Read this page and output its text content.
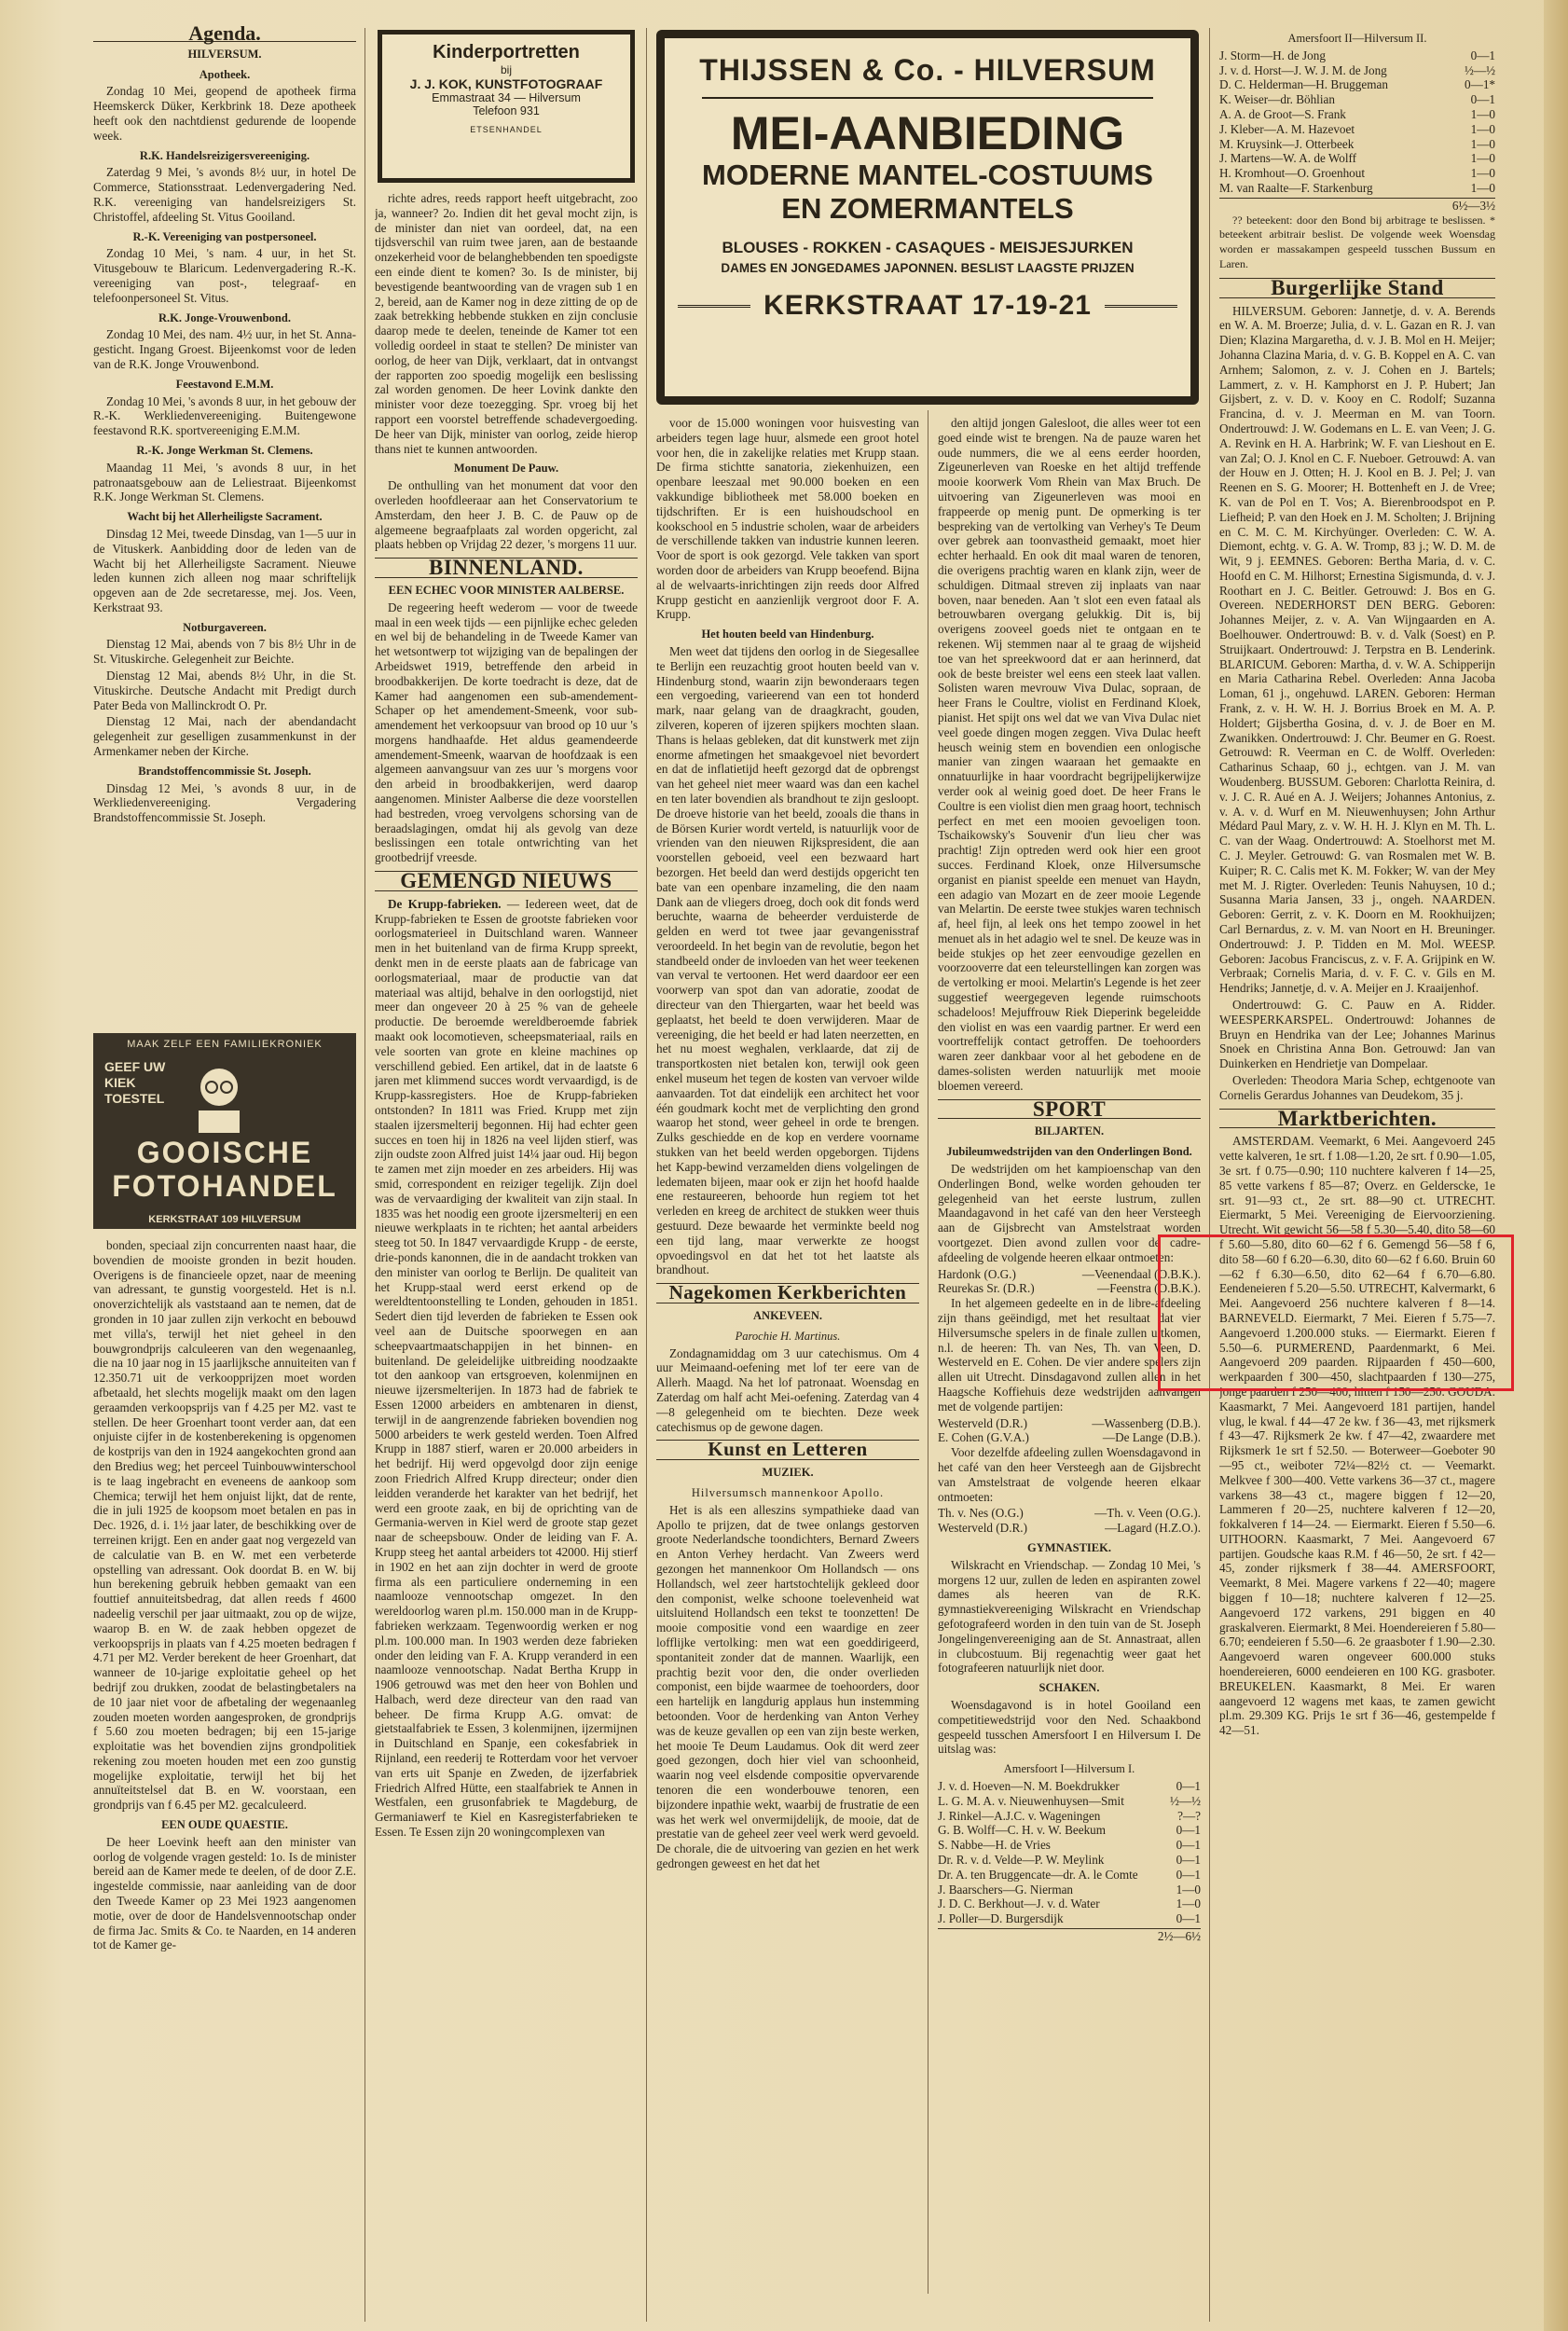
Agenda.
HILVERSUM.
Apotheek.

Zondag 10 Mei, geopend de apotheek firma Heemskerck Düker, Kerkbrink 18. Deze apotheek heeft ook den nachtdienst gedurende de loopende week.

R.K. Handelsreizigersvereeniging.

Zaterdag 9 Mei, 's avonds 8½ uur, in hotel De Commerce, Stationsstraat. Ledenvergadering Ned. R.K. vereeniging van handelsreizigers St. Christoffel, afdeeling St. Vitus Gooiland.

R.-K. Vereeniging van postpersoneel.

Zondag 10 Mei, 's nam. 4 uur, in het St. Vitusgebouw te Blaricum. Ledenvergadering R.-K. vereeniging van post-, telegraaf- en telefoonpersoneel St. Vitus.

R.K. Jonge-Vrouwenbond.

Zondag 10 Mei, des nam. 4½ uur, in het St. Anna-gesticht. Ingang Groest. Bijeenkomst voor de leden van de R.K. Jonge Vrouwenbond.

Feestavond E.M.M.

Zondag 10 Mei, 's avonds 8 uur, in het gebouw der R.-K. Werkliedenvereeniging. Buitengewone feestavond R.K. sportvereeniging E.M.M.

R.-K. Jonge Werkman St. Clemens.

Maandag 11 Mei, 's avonds 8 uur, in het patronaatsgebouw aan de Leliestraat. Bijeenkomst R.K. Jonge Werkman St. Clemens.

Wacht bij het Allerheiligste Sacrament.

Dinsdag 12 Mei, tweede Dinsdag, van 1—5 uur in de Vituskerk. Aanbidding door de leden van de Wacht bij het Allerheiligste Sacrament. Nieuwe leden kunnen zich alleen nog maar schriftelijk opgeven aan de 2de secretaresse, mej. Jos. Veen, Kerkstraat 93.

Notburgavereen.

Dienstag 12 Mai, abends von 7 bis 8½ Uhr in de St. Vituskirche. Gelegenheit zur Beichte.

Dienstag 12 Mai, abends 8½ Uhr, in die St. Vituskirche. Deutsche Andacht mit Predigt durch Pater Beda von Mallinckrodt O. Pr.

Dienstag 12 Mai, nach der abendandacht gelegenheit zur geselligen zusammenkunst in der Armenkamer neben der Kirche.

Brandstoffencommissie St. Joseph.

Dinsdag 12 Mei, 's avonds 8 uur, in de Werkliedenvereeniging. Vergadering Brandstoffencommissie St. Joseph.

MAAK ZELF EEN FAMILIEKRONIEK
GEEF UW KIEK TOESTEL
GOOISCHE
FOTOHANDEL
KERKSTRAAT 109 HILVERSUM

bonden, speciaal zijn concurrenten naast haar, die bovendien de mooiste gronden in bezit houden. Overigens is de financieele opzet, naar de meening van adressant, te gunstig voorgesteld. Het is n.l. onoverzichtelijk als vaststaand aan te nemen, dat de gronden in 10 jaar zullen zijn verkocht en bebouwd met villa's, terwijl het niet geheel in den bouwgrondprijs calculeeren van den wegenaanleg, die na 10 jaar nog in 15 jaarlijksche annuiteiten van f 12.350.71 uit de verkoopprijzen moet worden afbetaald, het slechts mogelijk maakt om den lagen geraamden verkoopsprijs van f 4.25 per M2. vast te stellen. De heer Groenhart toont verder aan, dat een onjuiste cijfer in de kostenberekening is opgenomen de kostprijs van den in 1924 aangekochten grond aan den Bredius weg; het perceel Tuinbouwwinterschool is te laag ingebracht en eveneens de aankoop som Chemica; terwijl het hem onjuist lijkt, dat de rente, die in juli 1925 de koopsom moet betalen en pas in Dec. 1926, d. i. 1½ jaar later, de beschikking over de terreinen krijgt. Een en ander gaat nog vergezeld van de calculatie van B. en W. met een verbeterde opstelling van adressant. Ook doordat B. en W. bij hun berekening gebruik hebben gemaakt van een fouttief annuiteitsbedrag, dat allen reeds f 4600 nadeelig verschil per jaar uitmaakt, zou op de wijze, waarop B. en W. de zaak hebben opgezet de verkoopsprijs in plaats van f 4.25 moeten bedragen f 4.71 per M2. Verder berekent de heer Groenhart, dat wanneer de 10-jarige exploitatie geheel op het bedrijf zou drukken, zoodat de belastingbetalers na de 10 jaar niet voor de afbetaling der wegenaanleg zouden moeten worden aangesproken, de grondprijs f 5.60 zou moeten bedragen; bij een 15-jarige exploitatie was het bovendien zijns grondpolitiek rekening zou moeten houden met een zoo gunstig mogelijke exploitatie, terwijl het bij het annuïteitstelsel dat B. en W. voorstaan, een grondprijs van f 6.45 per M2. gecalculeerd.

EEN OUDE QUAESTIE.

De heer Loevink heeft aan den minister van oorlog de volgende vragen gesteld: 1o. Is de minister bereid aan de Kamer mede te deelen, of de door Z.E. ingestelde commissie, naar aanleiding van de door den Tweede Kamer op 23 Mei 1923 aangenomen motie, over de door de Handelsvennootschap onder de firma Jac. Smits & Co. te Naarden, en 14 anderen tot de Kamer ge-

Kinderportretten
bij
J. J. KOK, KUNSTFOTOGRAAF
Emmastraat 34 — Hilversum
Telefoon 931
ETSENHANDEL

richte adres, reeds rapport heeft uitgebracht, zoo ja, wanneer? 2o. Indien dit het geval mocht zijn, is de minister dan niet van oordeel, dat, na een tijdsverschil van ruim twee jaren, aan de bestaande onzekerheid voor de belanghebbenden ten spoedigste een einde dient te komen? 3o. Is de minister, bij bevestigende beantwoording van de vragen sub 1 en 2, bereid, aan de Kamer nog in deze zitting de op de zaak betrekking hebbende stukken en zijn conclusie daarop mede te deelen, teneinde de Kamer tot een volledig oordeel in staat te stellen? De minister van oorlog, de heer van Dijk, verklaart, dat in ontvangst der rapporten zoo spoedig mogelijk een beslissing zal worden genomen. De heer Lovink dankte den minister voor deze toezegging. Spr. vroeg bij het rapport een voorstel betreffende schadevergoeding. De heer van Dijk, minister van oorlog, zeide hierop thans niet te kunnen antwoorden.

Monument De Pauw.

De onthulling van het monument dat voor den overleden hoofdleeraar aan het Conservatorium te Amsterdam, den heer J. B. C. de Pauw op de algemeene begraafplaats zal worden opgericht, zal plaats hebben op Vrijdag 22 dezer, 's morgens 11 uur.

BINNENLAND.
EEN ECHEC VOOR MINISTER AALBERSE.

De regeering heeft wederom — voor de tweede maal in een week tijds — een pijnlijke echec geleden en wel bij de behandeling in de Tweede Kamer van het wetsontwerp tot wijziging van de bepalingen der Arbeidswet 1919, betreffende den arbeid in broodbakkerijen. De korte toedracht is deze, dat de Kamer had aangenomen een sub-amendement-Schaper op het amendement-Smeenk, voor sub-amendement het verkoopsuur van brood op 10 uur 's morgens handhaafde. Het aldus geamendeerde amendement-Smeenk, waarvan de hoofdzaak is een algemeen aanvangsuur van zes uur 's morgens voor den arbeid in broodbakkerijen, werd daarop aangenomen. Minister Aalberse die deze voorstellen had bestreden, vroeg vervolgens schorsing van de beraadslagingen, omdat hij als gevolg van deze beslissingen een totale ontwrichting van het grootbedrijf vreesde.

GEMENGD NIEUWS

De Krupp-fabrieken. — Iedereen weet, dat de Krupp-fabrieken te Essen de grootste fabrieken voor oorlogsmaterieel in Duitschland waren. Wanneer men in het buitenland van de firma Krupp spreekt, denkt men in de eerste plaats aan de fabricage van oorlogsmateriaal, maar de productie van dat materiaal was altijd, behalve in den oorlogstijd, niet meer dan ongeveer 20 à 25 % van de geheele productie. De beroemde wereldberoemde fabriek maakt ook locomotieven, scheepsmateriaal, rails en vele soorten van grote en kleine machines op verschillend gebied. Een artikel, dat in de laatste 6 jaren met klimmend succes wordt vervaardigd, is de Krupp-kassregisters. Hoe de Krupp-fabrieken ontstonden? In 1811 was Fried. Krupp met zijn staalen ijzersmelterij begonnen. Hij had echter geen succes en toen hij in 1826 na veel lijden stierf, was zijn oudste zoon Alfred juist 14¼ jaar oud. Hij begon te zamen met zijn moeder en zes arbeiders. Hij was smid, correspondent en reiziger tegelijk. Zijn doel was de vervaardiging der kwaliteit van zijn staal. In 1835 was het noodig een groote ijzersmelterij en een nieuwe werkplaats in te richten; het aantal arbeiders steeg tot 50. In 1847 vervaardigde Krupp - de eerste, drie-ponds kanonnen, die in de aandacht trokken van den minister van oorlog te Berlijn. De qualiteit van het Krupp-staal werd eerst erkend op de wereldtentoonstelling te Londen, gehouden in 1851. Sedert dien tijd leverden de fabrieken te Essen ook veel aan de Duitsche spoorwegen en aan scheepvaartmaatschappijen in het binnen- en buitenland. De geleidelijke uitbreiding noodzaakte tot den aankoop van ertsgroeven, kolenmijnen en nieuwe ijzersmelterijen. In 1873 had de fabriek te Essen 12000 arbeiders en ambtenaren in dienst, terwijl in de aangrenzende fabrieken bovendien nog 5000 arbeiders te werk gesteld werden. Toen Alfred Krupp in 1887 stierf, waren er 20.000 arbeiders in het bedrijf. Hij werd opgevolgd door zijn eenige zoon Friedrich Alfred Krupp directeur; onder dien leidden veranderde het karakter van het bedrijf, het werd een groote zaak, en bij de oprichting van de Germania-werven in Kiel werd de groote stap gezet naar de scheepsbouw. Onder de leiding van F. A. Krupp steeg het aantal arbeiders tot 42000. Hij stierf in 1902 en het aan zijn dochter in werd de groote firma als een particuliere onderneming in een naamlooze vennootschap omgezet. In den wereldoorlog waren pl.m. 150.000 man in de Krupp-fabrieken werkzaam. Tegenwoordig werken er nog pl.m. 100.000 man. In 1903 werden deze fabrieken onder den leiding van F. A. Krupp veranderd in een naamlooze vennootschap. Nadat Bertha Krupp in 1906 getrouwd was met den heer von Bohlen und Halbach, werd deze directeur van den raad van beheer. De firma Krupp A.G. omvat: de gietstaalfabriek te Essen, 3 kolenmijnen, ijzermijnen in Duitschland en Spanje, een cokesfabriek in Rijnland, een reederij te Rotterdam voor het vervoer van erts uit Spanje en Zweden, de ijzerfabriek Friedrich Alfred Hütte, een staalfabriek te Annen in Westfalen, een grusonfabriek te Magdeburg, de Germaniawerf te Kiel en Kasregisterfabrieken te Essen. Te Essen zijn 20 woningcomplexen van

THIJSSEN & Co. - HILVERSUM
MEI-AANBIEDING
MODERNE MANTEL-COSTUUMS
EN ZOMERMANTELS
BLOUSES - ROKKEN - CASAQUES - MEISJESJURKEN
DAMES EN JONGEDAMES JAPONNEN. BESLIST LAAGSTE PRIJZEN
KERKSTRAAT 17-19-21

voor de 15.000 woningen voor huisvesting van arbeiders tegen lage huur, alsmede een groot hotel voor hen, die in zakelijke relaties met Krupp staan. De firma stichtte sanatoria, ziekenhuizen, een openbare leeszaal met 90.000 boeken en een vakkundige bibliotheek met 58.000 boeken en tijdschriften. Er is een huishoudschool en kookschool en 5 industrie scholen, waar de arbeiders de verschillende takken van industrie kunnen leeren. Voor de sport is ook gezorgd. Vele takken van sport worden door de arbeiders van Krupp beoefend. Bijna al de welvaarts-inrichtingen zijn reeds door Alfred Krupp gesticht en aanzienlijk vergroot door F. A. Krupp.

Het houten beeld van Hindenburg.

Men weet dat tijdens den oorlog in de Siegesallee te Berlijn een reuzachtig groot houten beeld van v. Hindenburg stond, waarin zijn bewonderaars tegen een vergoeding, varieerend van een tot honderd mark, naar gelang van de draagkracht, gouden, zilveren, koperen of ijzeren spijkers mochten slaan. Thans is helaas gebleken, dat dit kunstwerk met zijn enorme afmetingen het smaakgevoel niet bevordert en dat de inflatietijd heeft gezorgd dat de opbrengst van het geheel niet meer waard was dan een kachel en ten later bovendien als brandhout te zijn gesloopt. De droeve historie van het beeld, zooals die thans in de Börsen Kurier wordt verteld, is natuurlijk voor de vrienden van den nieuwen Rijkspresident, die aan voorstellen geboeid, veel een bezwaard hart bezorgen. Het beeld dan werd destijds opgericht ten bate van een openbare inzameling, die den naam Dank aan de vliegers droeg, doch ook dit fonds werd beruchte, waarna de beheerder verduisterde de gelden en werd tot twee jaar gevangenisstraf veroordeeld. In het begin van de revolutie, begon het standbeeld onder de invloeden van het weer teekenen van verval te vertoonen. Het werd daardoor eer een voorwerp van spot dan van adoratie, zoodat de directeur van den Thiergarten, waar het beeld was geplaatst, het beeld te doen verwijderen. Maar de vereeniging, die het beeld er had laten neerzetten, en het nu moest weghalen, verklaarde, dat zij de transportkosten niet betalen kon, terwijl ook geen enkel museum het tegen de kosten van vervoer wilde aanvaarden. Tot dat eindelijk een architect het voor één goudmark kocht met de verplichting den grond waarop het stond, weer geheel in orde te brengen. Zulks geschiedde en de kop en verdere voorname stukken van het beeld werden opgeborgen. Tijdens het Kapp-bewind verzamelden diens volgelingen de ledematen bijeen, maar ook er zijn het hoofd haalde ene restaureeren, behoorde hun regiem tot het verleden en kreeg de architect de stukken weer thuis gestuurd. Deze bewaarde het verminkte beeld nog een tijd lang, maar verwerkte ze hoogst opvoedingsvol en dat het tot het laatste als brandhout.

Nagekomen Kerkberichten
ANKEVEEN.
Parochie H. Martinus.

Zondagnamiddag om 3 uur catechismus. Om 4 uur Meimaand-oefening met lof ter eere van de Allerh. Maagd. Na het lof patronaat. Woensdag en Zaterdag om half acht Mei-oefening. Zaterdag van 4—8 gelegenheid om te biechten. Deze week catechismus op de gewone dagen.

Kunst en Letteren
MUZIEK.
Hilversumsch mannenkoor Apollo.

Het is als een alleszins sympathieke daad van Apollo te prijzen, dat de twee onlangs gestorven groote Nederlandsche toondichters, Bernard Zweers en Anton Verhey herdacht. Van Zweers werd gezongen het mannenkoor Om Hollandsch — ons Hollandsch, wel zeer hartstochtelijk gekleed door den componist, welke schoone toelevenheid wat uitsluitend Hollandsch een tekst te toonzetten! De mooie compositie vond een waardige en zeer lofflijke vertolking: men wat een goeddirigeerd, spontaniteit zonder dat de mannen. Waarlijk, een prachtig bezit voor den, die onder overlieden componist, een bijde waarmee de toehoorders, door een hartelijk en langdurig applaus hun instemming betoonden. Voor de herdenking van Anton Verhey was de keuze gevallen op een van zijn beste werken, het mooie Te Deum Laudamus. Ook dit werd zeer goed gezongen, doch hier viel van schoonheid, waarin nog veel elsdende compositie opvervarende tenoren die een wonderbouwe tenoren, een bijzondere inpathie wekt, waarbij de frustratie de een was het werk wel onvermijdelijk, de mooie, dat de prestatie van de geheel zeer veel werk werd gevoeld. De chorale, die de uitvoering van gezien en het werk gedrongen geweest en het dat het

den altijd jongen Galesloot, die alles weer tot een goed einde wist te brengen. Na de pauze waren het oude nummers, die we al eens eerder hoorden, Zigeunerleven van Roeske en het altijd treffende mooie koorwerk Vom Rhein van Max Bruch. De uitvoering van Zigeunerleven was mooi en frappeerde op menig punt. De opmerking is ter bespreking van de vertolking van Verhey's Te Deum over gebrek aan toonvastheid gemaakt, moet hier echter herhaald. En ook dit maal waren de tenoren, die overigens prachtig waren en klank zijn, weer de schuldigen. Ditmaal streven zij inplaats van naar boven, naar beneden. Aan 't slot een even fataal als betrouwbaren overgang gelukkig. Dit is, bij overigens zooveel goeds niet te ontgaan en te rekenen. Wij stemmen naar al te graag de wijsheid toe van het spreekwoord dat er aan herinnerd, dat ook de beste breister wel eens een steek laat vallen. Solisten waren mevrouw Viva Dulac, sopraan, de heer Frans le Coultre, violist en Ferdinand Kloek, pianist. Het spijt ons wel dat we van Viva Dulac niet veel goede dingen mogen zeggen. Viva Dulac heeft heusch weinig stem en bovendien een onlogische manier van zingen waaraan het gemaakte en onnatuurlijke in haar voordracht begrijpelijkerwijze verder ook al weinig goed doet. De heer Frans le Coultre is een violist dien men graag hoort, technisch perfect en met een mooien gevoeligen toon. Tschaikowsky's Souvenir d'un lieu cher was prachtig! Zijn optreden werd ook hier een groot succes. Ferdinand Kloek, onze Hilversumsche organist en pianist speelde een menuet van Haydn, een adagio van Mozart en de zeer mooie Legende van Melartin. De eerste twee stukjes waren technisch af, heel fijn, al leek ons het tempo zoowel in het menuet als in het adagio wel te snel. De keuze was in beide stukjes op het zeer eenvoudige gezellen en voorzooverre dat een teleurstellingen kan zorgen was de vertolking er mooi. Melartin's Legende is het zeer suggestief weergegeven legende ruimschoots schadeloos! Mejuffrouw Riek Dieperink begeleidde den violist en was een vaardig partner. Er werd een voortreffelijk contact getroffen. De toehoorders waren zeer dankbaar voor al het gebodene en de dames-solisten werden natuurlijk met mooie bloemen vereerd.

SPORT
BILJARTEN.
Jubileumwedstrijden van den Onderlingen Bond.

De wedstrijden om het kampioenschap van den Onderlingen Bond, welke worden gehouden ter gelegenheid van het eerste lustrum, zullen Maandagavond in het café van den heer Versteegh aan de Gijsbrecht van Amstelstraat worden voortgezet. Dien avond zullen voor de cadre-afdeeling de volgende heeren elkaar ontmoeten:

Hardonk (O.G.)	—Veenendaal (O.B.K.).
Reurekas Sr. (D.R.)	—Feenstra (O.B.K.).

In het algemeen gedeelte en in de libre-afdeeling zijn thans geëindigd, met het resultaat dat vier Hilversumsche spelers in de finale zullen uitkomen, n.l. de heeren: Th. van Nes, Th. van Veen, D. Westerveld en E. Cohen. De vier andere spelers zijn allen uit Utrecht. Dinsdagavond zullen allen in het Haagsche Koffiehuis deze wedstrijden aanvangen met de volgende partijen:

Westerveld (D.R.)	—Wassenberg (D.B.).
E. Cohen (G.V.A.)	—De Lange (D.B.).

Voor dezelfde afdeeling zullen Woensdagavond in het café van den heer Versteegh aan de Gijsbrecht van Amstelstraat de volgende heeren elkaar ontmoeten:

Th. v. Nes (O.G.)	—Th. v. Veen (O.G.).
Westerveld (D.R.)	—Lagard (H.Z.O.).
GYMNASTIEK.

Wilskracht en Vriendschap. — Zondag 10 Mei, 's morgens 12 uur, zullen de leden en aspiranten zowel dames als heeren van de R.K. gymnastiekvereeniging Wilskracht en Vriendschap gefotografeerd worden in den tuin van de St. Joseph Jongelingenvereeniging aan de St. Annastraat, allen in clubcostuum. Bij regenachtig weer gaat het fotografeeren natuurlijk niet door.

SCHAKEN.

Woensdagavond is in hotel Gooiland een competitiewedstrijd voor den Ned. Schaakbond gespeeld tusschen Amersfoort I en Hilversum I. De uitslag was:

Amersfoort I—Hilversum I.
J. v. d. Hoeven—N. M. Boekdrukker	0—1
L. G. M. A. v. Nieuwenhuysen—Smit	½—½
J. Rinkel—A.J.C. v. Wageningen	?—?
G. B. Wolff—C. H. v. W. Beekum	0—1
S. Nabbe—H. de Vries	0—1
Dr. R. v. d. Velde—P. W. Meylink	0—1
Dr. A. ten Bruggencate—dr. A. le Comte	0—1
J. Baarschers—G. Nierman	1—0
J. D. C. Berkhout—J. v. d. Water	1—0
J. Poller—D. Burgersdijk	0—1
2½—6½
Amersfoort II—Hilversum II.
J. Storm—H. de Jong	0—1
J. v. d. Horst—J. W. J. M. de Jong	½—½
D. C. Helderman—H. Bruggeman	0—1*
K. Weiser—dr. Böhlian	0—1
A. A. de Groot—S. Frank	1—0
J. Kleber—A. M. Hazevoet	1—0
M. Kruysink—J. Otterbeek	1—0
J. Martens—W. A. de Wolff	1—0
H. Kromhout—O. Groenhout	1—0
M. van Raalte—F. Starkenburg	1—0
6½—3½

?? beteekent: door den Bond bij arbitrage te beslissen. * beteekent arbitrair beslist. De volgende week Woensdag worden er massakampen gespeeld tusschen Bussum en Laren.

Burgerlijke Stand

HILVERSUM. Geboren: Jannetje, d. v. A. Berends en W. A. M. Broerze; Julia, d. v. L. Gazan en R. J. van Dien; Klazina Margaretha, d. v. J. B. Mol en H. Meijer; Johanna Clazina Maria, d. v. G. B. Koppel en A. C. van Arnhem; Salomon, z. v. J. Cohen en J. Bartels; Lammert, z. v. H. Kamphorst en J. P. Hubert; Jan Gijsbert, z. v. D. v. Kooy en C. Rodolf; Suzanna Francina, d. v. J. Meerman en M. van Toorn. Ondertrouwd: J. W. Godemans en L. E. van Veen; J. G. A. Revink en H. A. Harbrink; W. F. van Lieshout en E. van Zal; O. J. Knol en C. F. Nueboer. Getrouwd: A. van der Houw en J. Otten; H. J. Kool en B. J. Pel; J. van Reenen en S. G. Moorer; H. Bottenheft en J. de Vree; K. van de Pol en T. Vos; A. Bierenbroodspot en P. Liefheid; P. van den Hoek en J. M. Scholten; J. Brijning en C. M. C. M. Kirchyünger. Overleden: C. W. A. Diemont, echtg. v. G. A. W. Tromp, 83 j.; W. D. M. de Wit, 9 j. EEMNES. Geboren: Bertha Maria, d. v. C. Hoofd en C. M. Hilhorst; Ernestina Sigismunda, d. v. J. Roothart en J. C. Beitler. Getrouwd: J. Bos en G. Overeen. NEDERHORST DEN BERG. Geboren: Johannes Meijer, z. v. A. Van Wijngaarden en A. Boelhouwer. Ondertrouwd: B. v. d. Valk (Soest) en P. Struijkaart. Ondertrouwd: J. Terpstra en B. Lenderink. BLARICUM. Geboren: Martha, d. v. W. A. Schipperijn en Maria Catharina Rebel. Overleden: Anna Jacoba Loman, 61 j., ongehuwd. LAREN. Geboren: Herman Frank, z. v. H. W. H. J. Borrius Broek en M. A. P. Holdert; Gijsbertha Gosina, d. v. J. de Boer en M. Zwanikken. Ondertrouwd: J. Chr. Beumer en G. Roest. Getrouwd: R. Veerman en C. de Wolff. Overleden: Catharinus Schaap, 60 j., echtgen. van J. M. van Woudenberg. BUSSUM. Geboren: Charlotta Reinira, d. v. J. C. R. Aué en A. J. Weijers; Johannes Antonius, z. v. A. v. d. Wurf en M. Nieuwenhuysen; John Arthur Médard Paul Mary, z. v. W. H. H. J. Klyn en M. Th. L. C. van der Waag. Ondertrouwd: A. Stoelhorst met M. C. J. Meyler. Getrouwd: G. van Rosmalen met W. B. Kuiper; R. C. Calis met K. M. Fokker; W. van der Mey met M. J. Rigter. Overleden: Teunis Nahuysen, 10 d.; Susanna Maria Jansen, 33 j., ongeh. NAARDEN. Geboren: Gerrit, z. v. K. Doorn en M. Rookhuijzen; Carl Bernardus, z. v. M. van Noort en H. Breuninger. Ondertrouwd: J. P. Tidden en M. Mol. WEESP. Geboren: Jacobus Franciscus, z. v. F. A. Grijpink en W. Verbraak; Cornelis Maria, d. v. F. C. v. Gils en M. Hendriks; Jannetje, d. v. A. Meijer en J. Kraaijenhof.

Ondertrouwd: G. C. Pauw en A. Ridder. WEESPERKARSPEL. Ondertrouwd: Johannes de Bruyn en Hendrika van der Lee; Johannes Marinus Snoek en Christina Anna Bon. Getrouwd: Jan van Duinkerken en Hendrietje van Dompelaar.

Overleden: Theodora Maria Schep, echtgenoote van Cornelis Gerardus Johannes van Deudekom, 35 j.

Marktberichten.

AMSTERDAM. Veemarkt, 6 Mei. Aangevoerd 245 vette kalveren, 1e srt. f 1.08—1.20, 2e srt. f 0.90—1.05, 3e srt. f 0.75—0.90; 110 nuchtere kalveren f 14—25, 85 vette varkens f 85—87; Overz. en Gelderscke, 1e srt. 91—93 ct., 2e srt. 88—90 ct. UTRECHT. Eiermarkt, 5 Mei. Vereeniging de Eiervoorziening. Utrecht. Wit gewicht 56—58 f 5.30—5.40, dito 58—60 f 5.60—5.80, dito 60—62 f 6. Gemengd 56—58 f 6, dito 58—60 f 6.20—6.30, dito 60—62 f 6.60. Bruin 60—62 f 6.30—6.50, dito 62—64 f 6.70—6.80. Eendeneieren f 5.20—5.50. UTRECHT, Kalvermarkt, 6 Mei. Aangevoerd 256 nuchtere kalveren f 8—14. BARNEVELD. Eiermarkt, 7 Mei. Eieren f 5.75—7. Aangevoerd 1.200.000 stuks. — Eiermarkt. Eieren f 5.50—6. PURMEREND, Paardenmarkt, 6 Mei. Aangevoerd 209 paarden. Rijpaarden f 450—600, werkpaarden f 300—450, slachtpaarden f 130—275, jonge paarden f 250—400, hitten f 150—250. GOUDA. Kaasmarkt, 7 Mei. Aangevoerd 181 partijen, handel vlug, le kwal. f 44—47 2e kw. f 36—43, met rijksmerk f 43—47. Rijksmerk 2e kw. f 47—42, zwaardere met Rijksmerk 1e srt f 52.50. — Boterweer—Goeboter 90—95 ct., weiboter 72¼—82½ ct. — Veemarkt. Melkvee f 300—400. Vette varkens 36—37 ct., magere varkens 38—43 ct., magere biggen f 12—20, Lammeren f 20—25, nuchtere kalveren f 12—20, fokkalveren f 14—24. — Eiermarkt. Eieren f 5.50—6. UITHOORN. Kaasmarkt, 7 Mei. Aangevoerd 67 partijen. Goudsche kaas R.M. f 46—50, 2e srt. f 42—45, zonder rijksmerk f 38—44. AMERSFOORT, Veemarkt, 8 Mei. Magere varkens f 22—40; magere biggen f 10—18; nuchtere kalveren f 12—25. Aangevoerd 172 varkens, 291 biggen en 40 graskalveren. Eiermarkt, 8 Mei. Hoendereieren f 5.80—6.70; eendeieren f 5.50—6. 2e graasboter f 1.90—2.30. Aangevoerd waren ongeveer 600.000 stuks hoendereieren, 6000 eendeieren en 100 KG. grasboter. BREUKELEN. Kaasmarkt, 8 Mei. Er waren aangevoerd 12 wagens met kaas, te zamen gewicht pl.m. 29.309 KG. Prijs 1e srt f 36—46, gestempelde f 42—51.
